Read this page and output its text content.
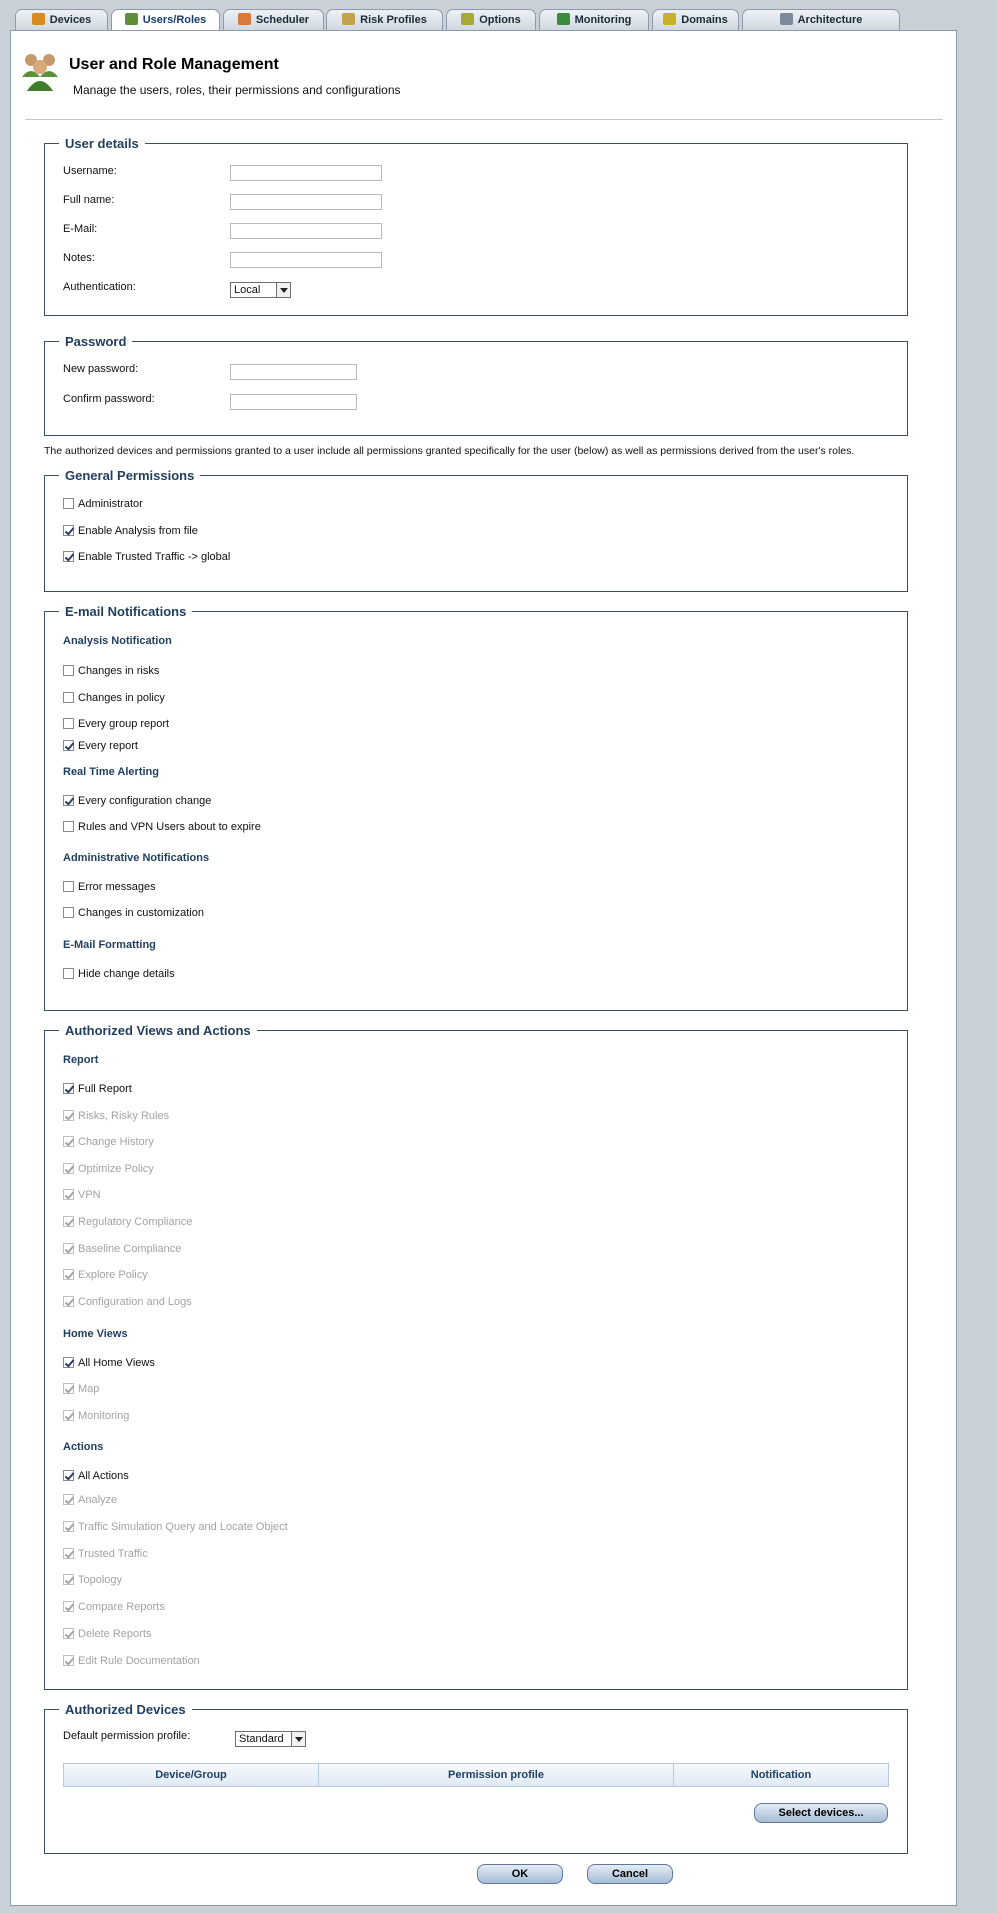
Devices	Users/Roles	Scheduler	Risk Profiles	Options	Monitoring	Domains	Architecture
User and Role Management
Manage the users, roles, their permissions and configurations
User details
Username:
Full name:
E-Mail:
Notes:
Authentication:	Local
Password
New password:
Confirm password:
The authorized devices and permissions granted to a user include all permissions granted specifically for the user (below) as well as permissions derived from the user's roles.
General Permissions
Administrator
Enable Analysis from file
Enable Trusted Traffic -> global
E-mail Notifications
Analysis Notification
Changes in risks
Changes in policy
Every group report
Every report
Real Time Alerting
Every configuration change
Rules and VPN Users about to expire
Administrative Notifications
Error messages
Changes in customization
E-Mail Formatting
Hide change details
Authorized Views and Actions
Report
Full Report
Risks, Risky Rules
Change History
Optimize Policy
VPN
Regulatory Compliance
Baseline Compliance
Explore Policy
Configuration and Logs
Home Views
All Home Views
Map
Monitoring
Actions
All Actions
Analyze
Traffic Simulation Query and Locate Object
Trusted Traffic
Topology
Compare Reports
Delete Reports
Edit Rule Documentation
Authorized Devices
Default permission profile:	Standard
Device/Group	Permission profile	Notification
Select devices...
OK	Cancel
